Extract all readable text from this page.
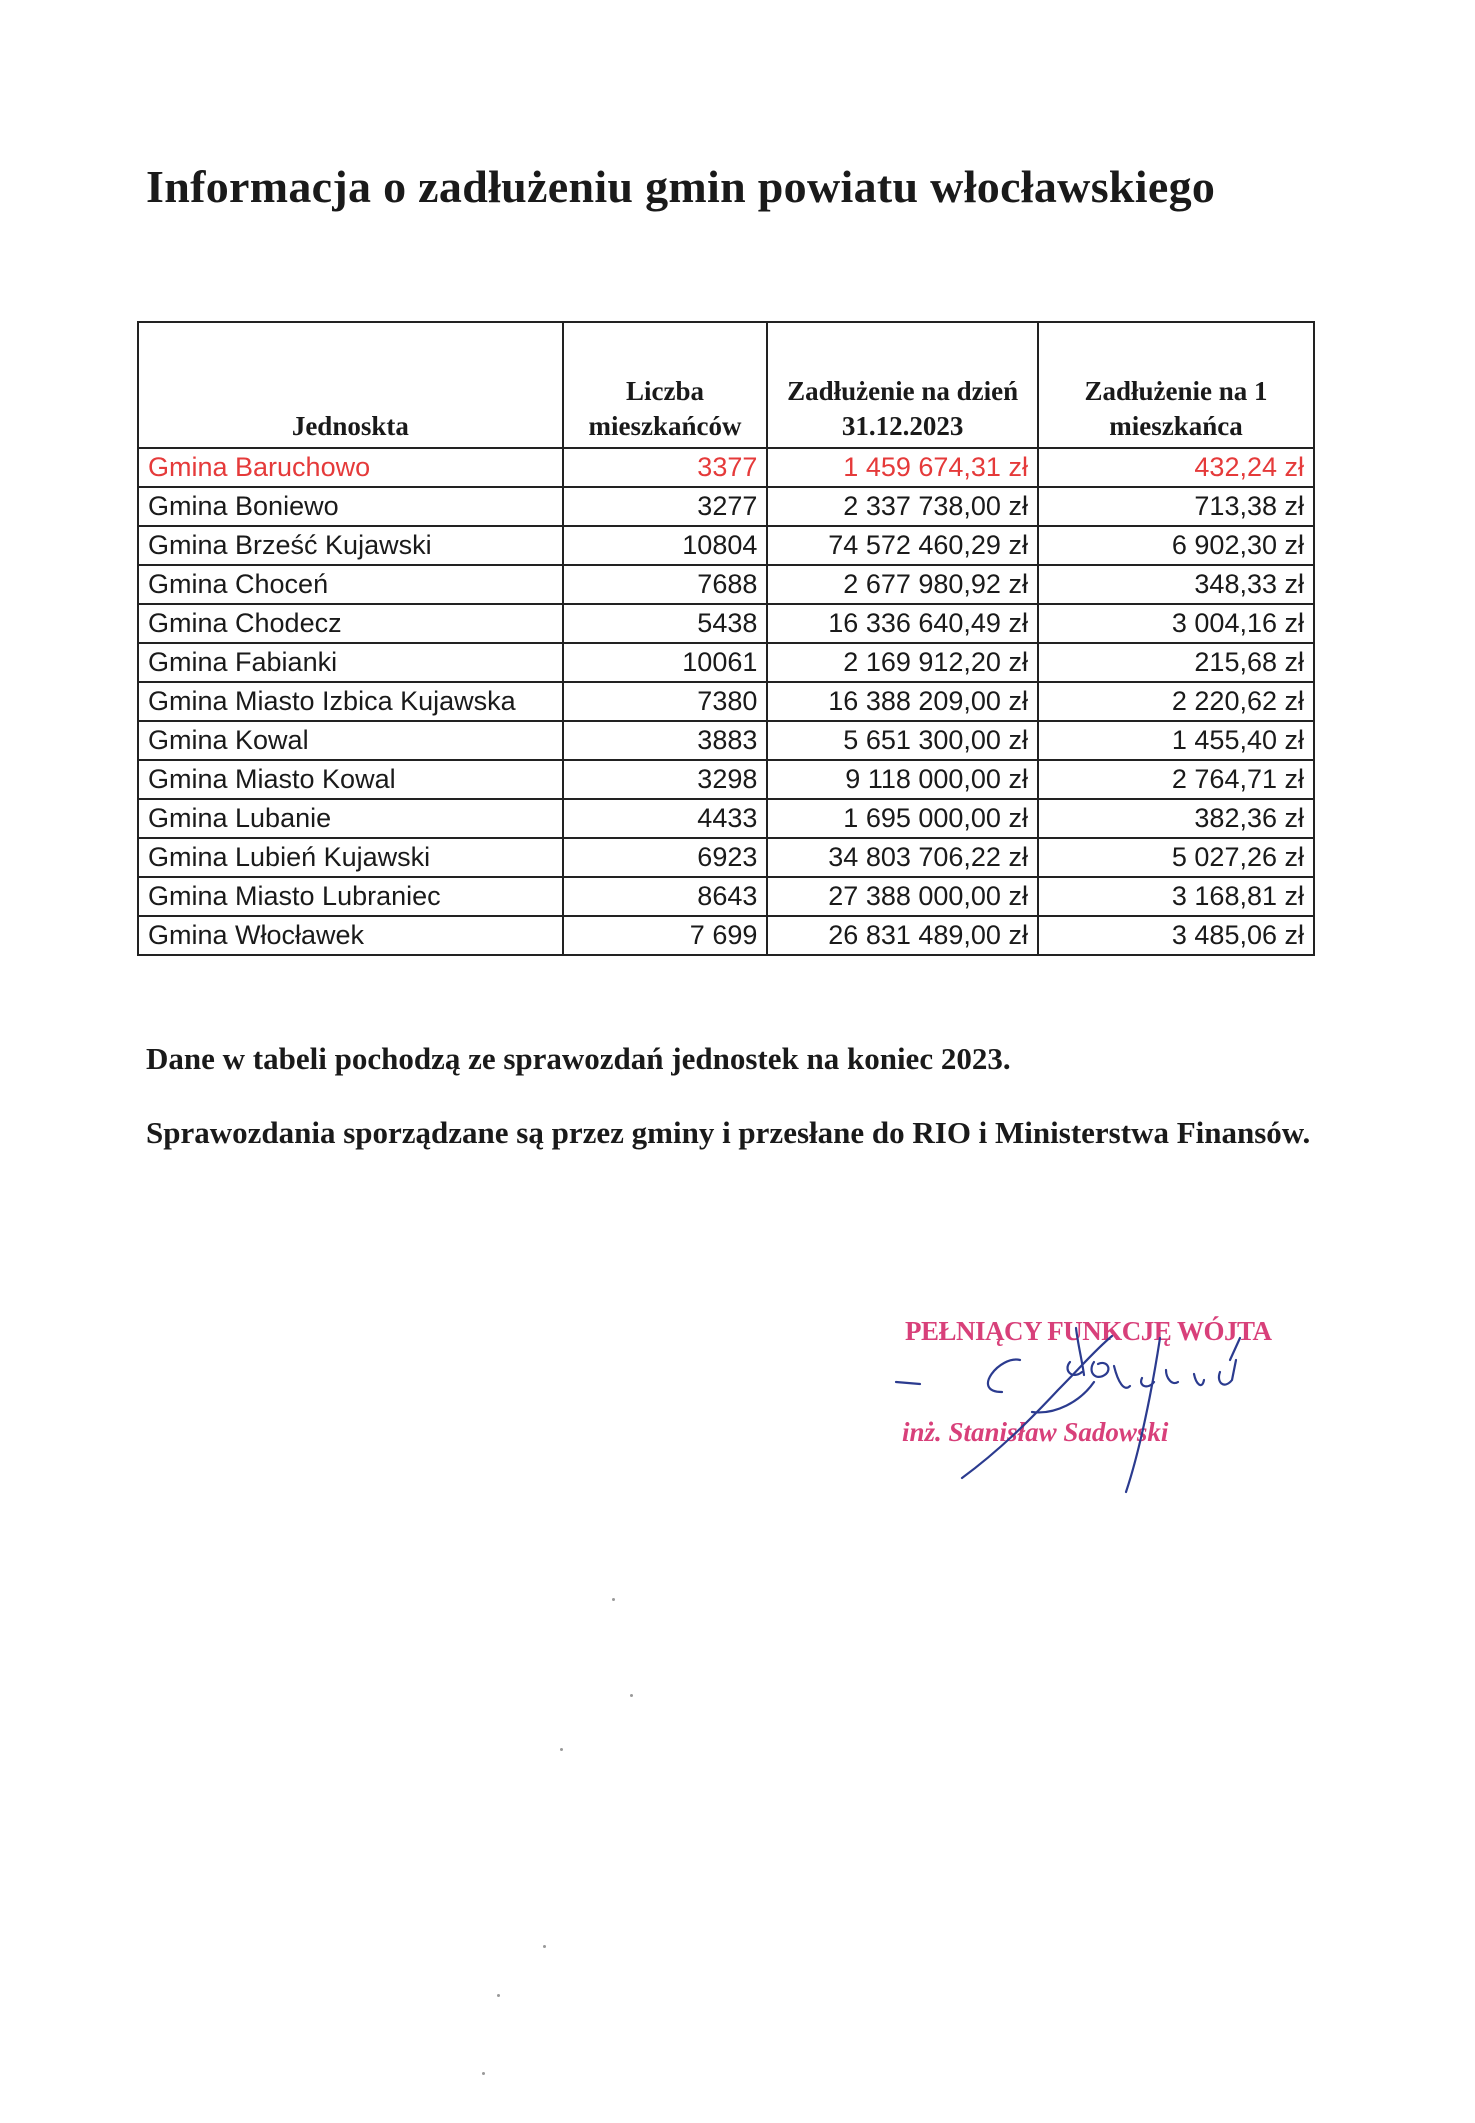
Informacja o zadłużeniu gmin powiatu włocławskiego
Jednoskta	Liczba mieszkańców	Zadłużenie na dzień 31.12.2023	Zadłużenie na 1 mieszkańca
Gmina Baruchowo	3377	1 459 674,31 zł	432,24 zł
Gmina Boniewo	3277	2 337 738,00 zł	713,38 zł
Gmina Brześć Kujawski	10804	74 572 460,29 zł	6 902,30 zł
Gmina Choceń	7688	2 677 980,92 zł	348,33 zł
Gmina Chodecz	5438	16 336 640,49 zł	3 004,16 zł
Gmina Fabianki	10061	2 169 912,20 zł	215,68 zł
Gmina Miasto Izbica Kujawska	7380	16 388 209,00 zł	2 220,62 zł
Gmina Kowal	3883	5 651 300,00 zł	1 455,40 zł
Gmina Miasto Kowal	3298	9 118 000,00 zł	2 764,71 zł
Gmina Lubanie	4433	1 695 000,00 zł	382,36 zł
Gmina Lubień Kujawski	6923	34 803 706,22 zł	5 027,26 zł
Gmina Miasto Lubraniec	8643	27 388 000,00 zł	3 168,81 zł
Gmina Włocławek	7 699	26 831 489,00 zł	3 485,06 zł

Dane w tabeli pochodzą ze sprawozdań jednostek na koniec 2023.

Sprawozdania sporządzane są przez gminy i przesłane do RIO i Ministerstwa Finansów.

PEŁNIĄCY FUNKCJĘ WÓJTA
inż. Stanisław Sadowski
